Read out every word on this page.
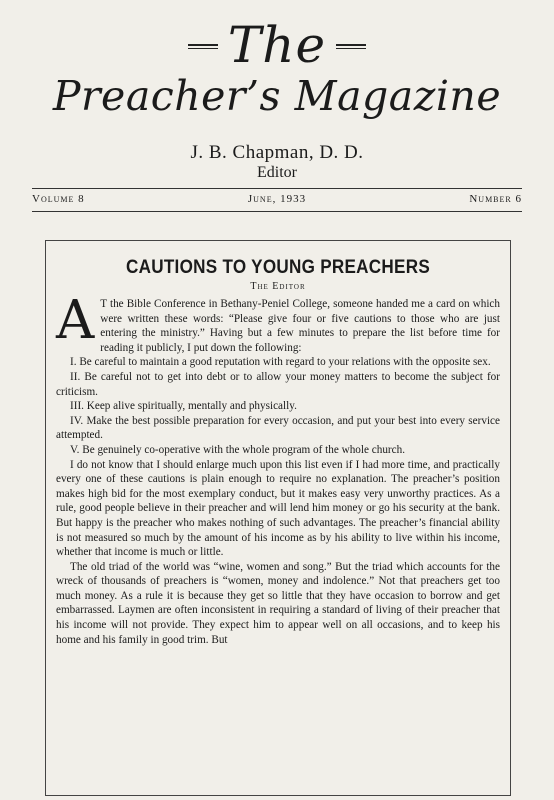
The
Preacher’s Magazine
J. B. Chapman, D. D.
Editor
Volume 8	June, 1933	Number 6
CAUTIONS TO YOUNG PREACHERS
The Editor

A T the Bible Conference in Bethany-Peniel College, someone handed me a card on which were written these words: “Please give four or five cautions to those who are just entering the ministry.” Having but a few minutes to prepare the list before time for reading it publicly, I put down the following:

I. Be careful to maintain a good reputation with regard to your relations with the opposite sex.

II. Be careful not to get into debt or to allow your money matters to become the subject for criticism.

III. Keep alive spiritually, mentally and physically.

IV. Make the best possible preparation for every occasion, and put your best into every service attempted.

V. Be genuinely co-operative with the whole program of the whole church.

I do not know that I should enlarge much upon this list even if I had more time, and practically every one of these cautions is plain enough to require no explanation. The preacher’s position makes high bid for the most exemplary conduct, but it makes easy very unworthy practices. As a rule, good people believe in their preacher and will lend him money or go his security at the bank. But happy is the preacher who makes nothing of such advantages. The preacher’s financial ability is not measured so much by the amount of his income as by his ability to live within his income, whether that income is much or little.

The old triad of the world was “wine, women and song.” But the triad which accounts for the wreck of thousands of preachers is “women, money and indolence.” Not that preachers get too much money. As a rule it is because they get so little that they have occasion to borrow and get embarrassed. Laymen are often inconsistent in requiring a standard of living of their preacher that his income will not provide. They expect him to appear well on all occasions, and to keep his home and his family in good trim. But
